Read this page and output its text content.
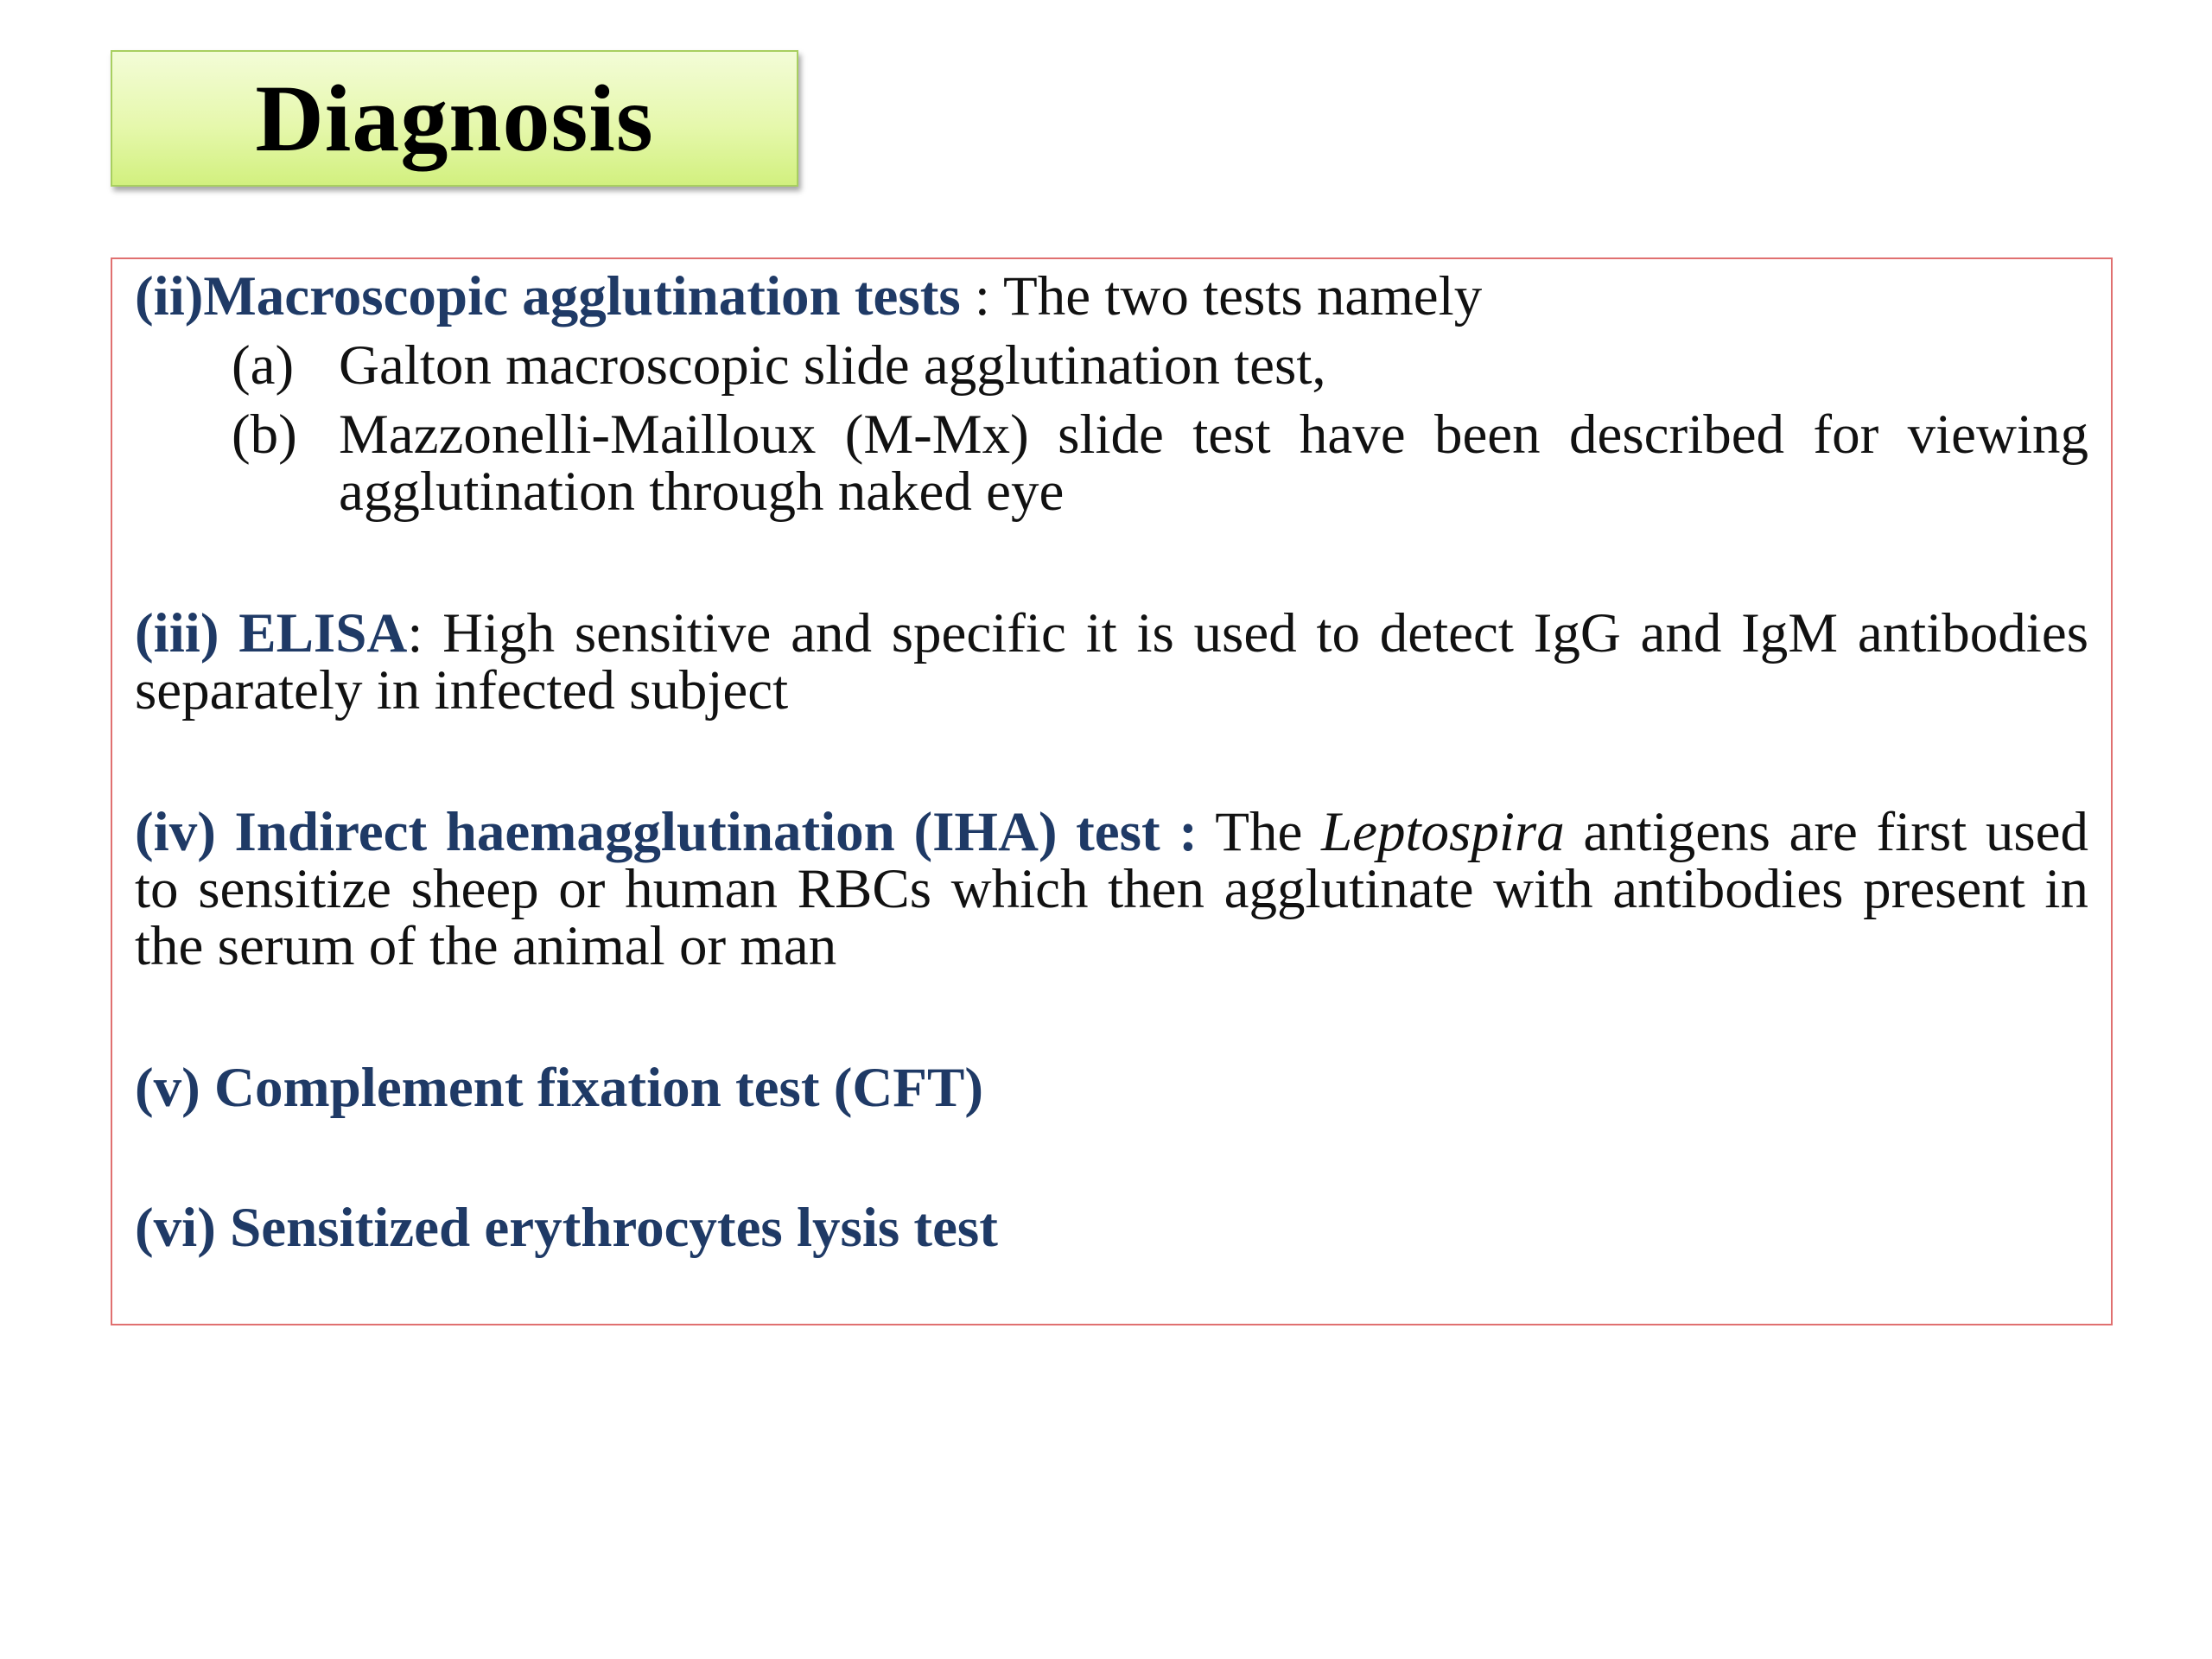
Diagnosis

(ii)Macroscopic agglutination tests : The two tests namely

(a) Galton macroscopic slide agglutination test,
(b) Mazzonelli-Mailloux (M-Mx) slide test have been described for viewing agglutination through naked eye

(iii) ELISA: High sensitive and specific it is used to detect IgG and IgM antibodies separately in infected subject

(iv) Indirect haemagglutination (IHA) test : The Leptospira antigens are first used to sensitize sheep or human RBCs which then agglutinate with antibodies present in the serum of the animal or man

(v) Complement fixation test (CFT)

(vi) Sensitized erythrocytes lysis test
